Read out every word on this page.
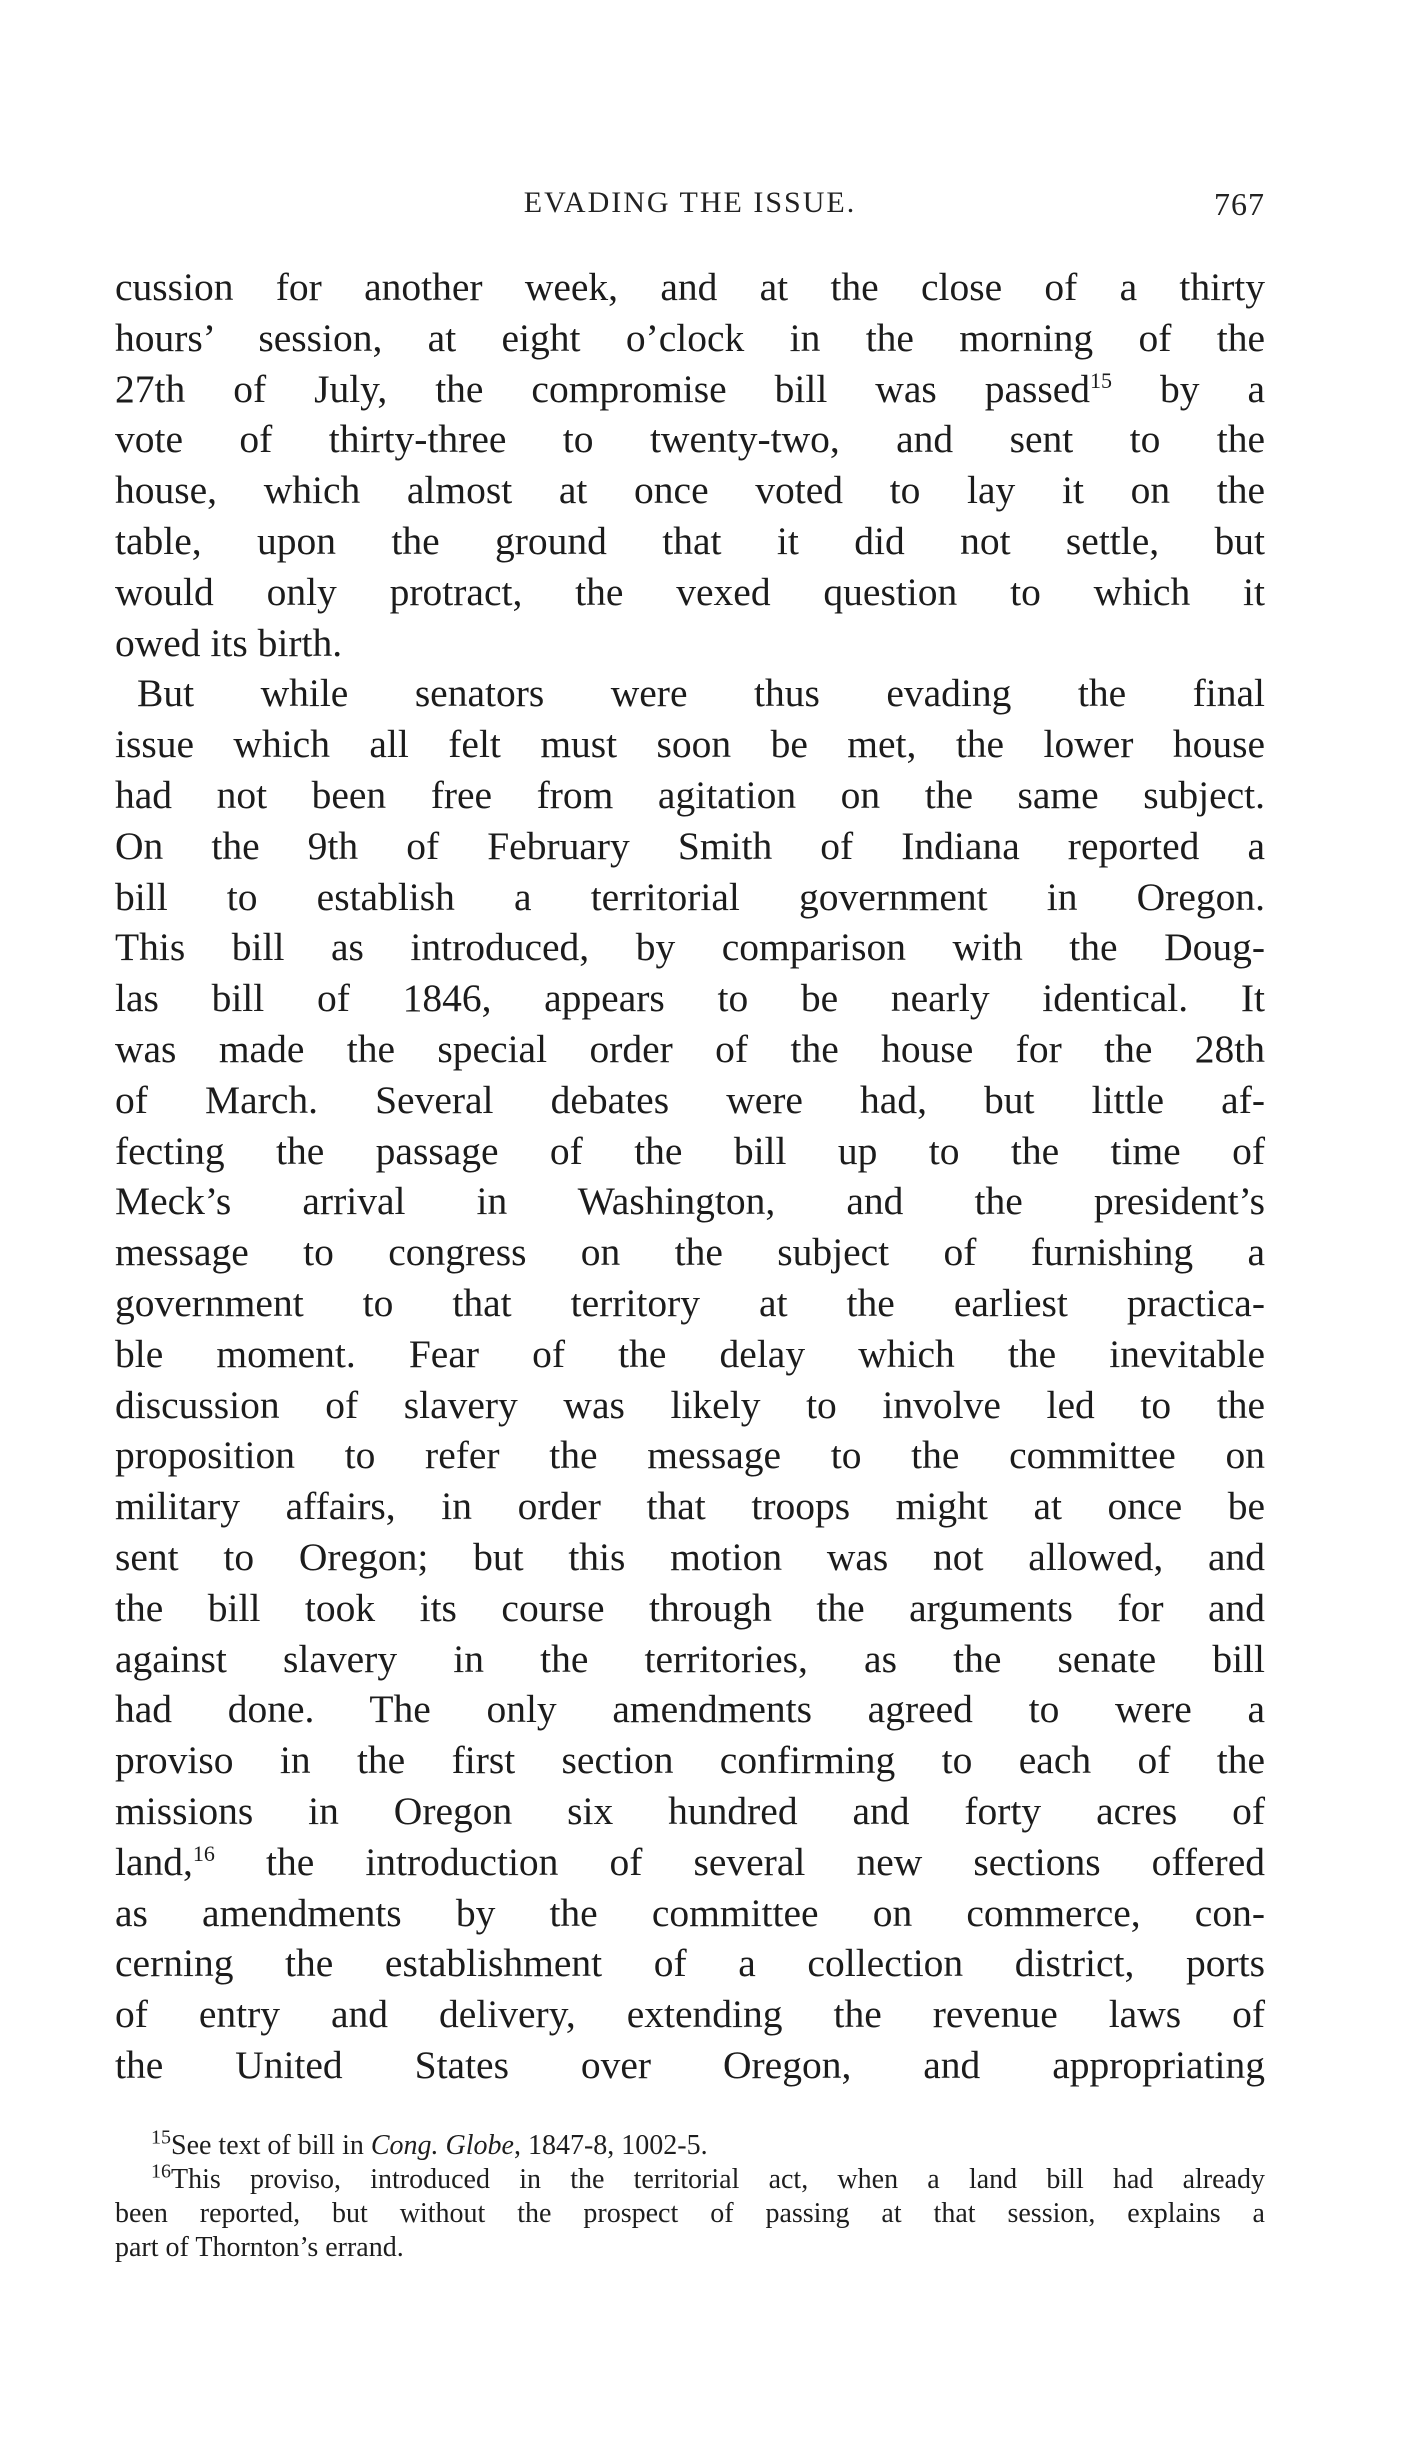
EVADING THE ISSUE.	767
cussion for another week, and at the close of a thirty
hours’ session, at eight o’clock in the morning of the
27th of July, the compromise bill was passed$^{15}$ by a
vote of thirty-three to twenty-two, and sent to the
house, which almost at once voted to lay it on the
table, upon the ground that it did not settle, but
would only protract, the vexed question to which it
owed its birth.
But while senators were thus evading the final
issue which all felt must soon be met, the lower house
had not been free from agitation on the same subject.
On the 9th of February Smith of Indiana reported a
bill to establish a territorial government in Oregon.
This bill as introduced, by comparison with the Doug-
las bill of 1846, appears to be nearly identical. It
was made the special order of the house for the 28th
of March. Several debates were had, but little af-
fecting the passage of the bill up to the time of
Meck’s arrival in Washington, and the president’s
message to congress on the subject of furnishing a
government to that territory at the earliest practica-
ble moment. Fear of the delay which the inevitable
discussion of slavery was likely to involve led to the
proposition to refer the message to the committee on
military affairs, in order that troops might at once be
sent to Oregon; but this motion was not allowed, and
the bill took its course through the arguments for and
against slavery in the territories, as the senate bill
had done. The only amendments agreed to were a
proviso in the first section confirming to each of the
missions in Oregon six hundred and forty acres of
land,$^{16}$ the introduction of several new sections offered
as amendments by the committee on commerce, con-
cerning the establishment of a collection district, ports
of entry and delivery, extending the revenue laws of
the United States over Oregon, and appropriating
$^{15}$See text of bill in Cong. Globe, 1847-8, 1002-5.
$^{16}$This proviso, introduced in the territorial act, when a land bill had already
been reported, but without the prospect of passing at that session, explains a
part of Thornton’s errand.
